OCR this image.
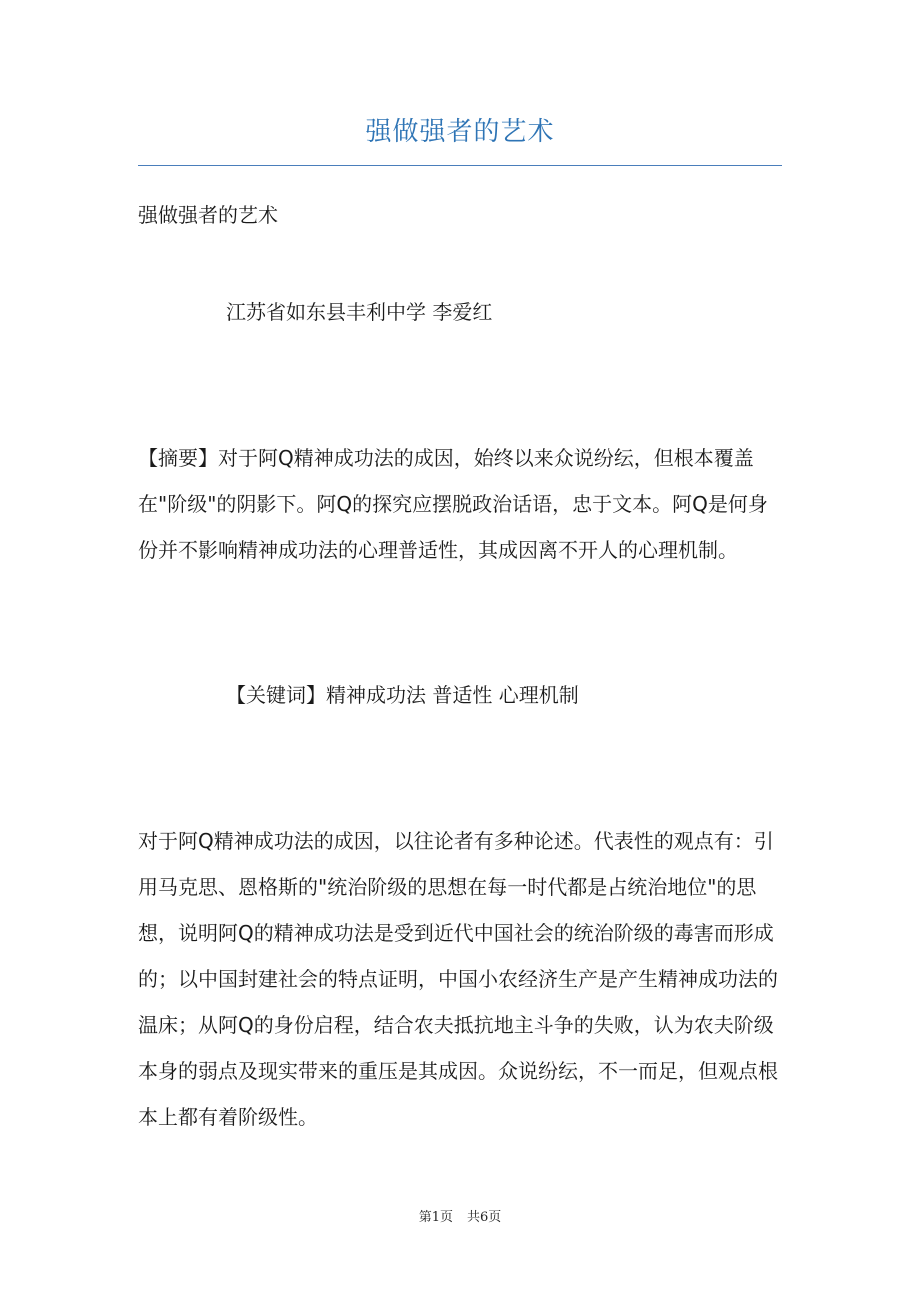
强做强者的艺术
强做强者的艺术
江苏省如东县丰利中学 李爱红
【摘要】对于阿Q精神成功法的成因，始终以来众说纷纭，但根本覆盖在"阶级"的阴影下。阿Q的探究应摆脱政治话语，忠于文本。阿Q是何身份并不影响精神成功法的心理普适性，其成因离不开人的心理机制。
【关键词】精神成功法 普适性 心理机制
对于阿Q精神成功法的成因，以往论者有多种论述。代表性的观点有：引用马克思、恩格斯的"统治阶级的思想在每一时代都是占统治地位"的思想，说明阿Q的精神成功法是受到近代中国社会的统治阶级的毒害而形成的；以中国封建社会的特点证明，中国小农经济生产是产生精神成功法的温床；从阿Q的身份启程，结合农夫抵抗地主斗争的失败，认为农夫阶级本身的弱点及现实带来的重压是其成因。众说纷纭，不一而足，但观点根本上都有着阶级性。
第1页 共6页
